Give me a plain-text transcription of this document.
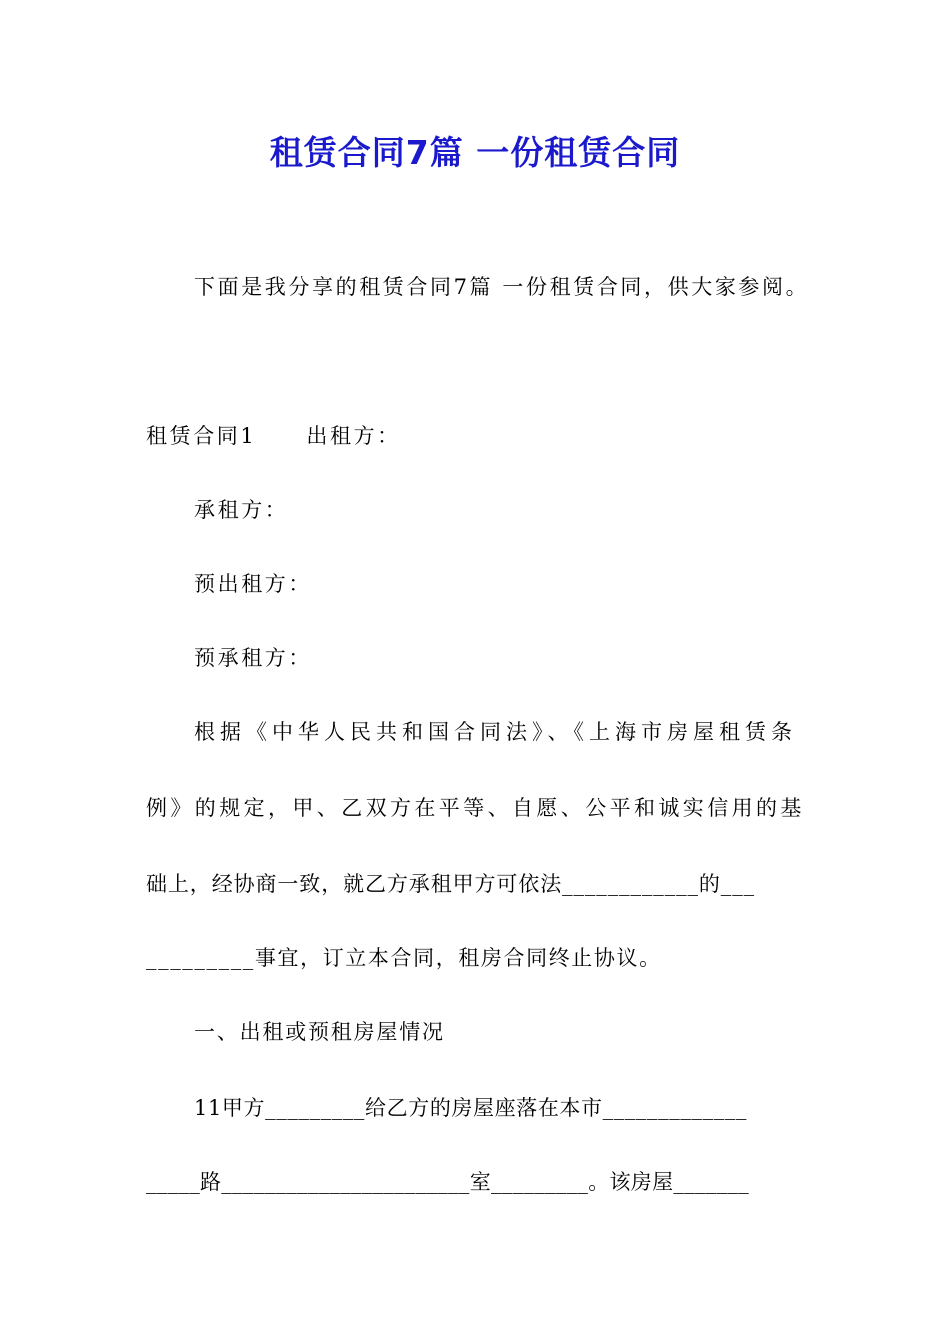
租赁合同7篇 一份租赁合同

下面是我分享的租赁合同7篇 一份租赁合同，供大家参阅。

租赁合同1 出租方：

承租方：

预出租方：

预承租方：

根据《中华人民共和国合同法》、《上海市房屋租赁条

例》的规定，甲、乙双方在平等、自愿、公平和诚实信用的基

础上，经协商一致，就乙方承租甲方可依法____________的___

_________事宜，订立本合同，租房合同终止协议。

一、出租或预租房屋情况

11甲方_________给乙方的房屋座落在本市_____________

_____路_______________________室_________。该房屋_______
